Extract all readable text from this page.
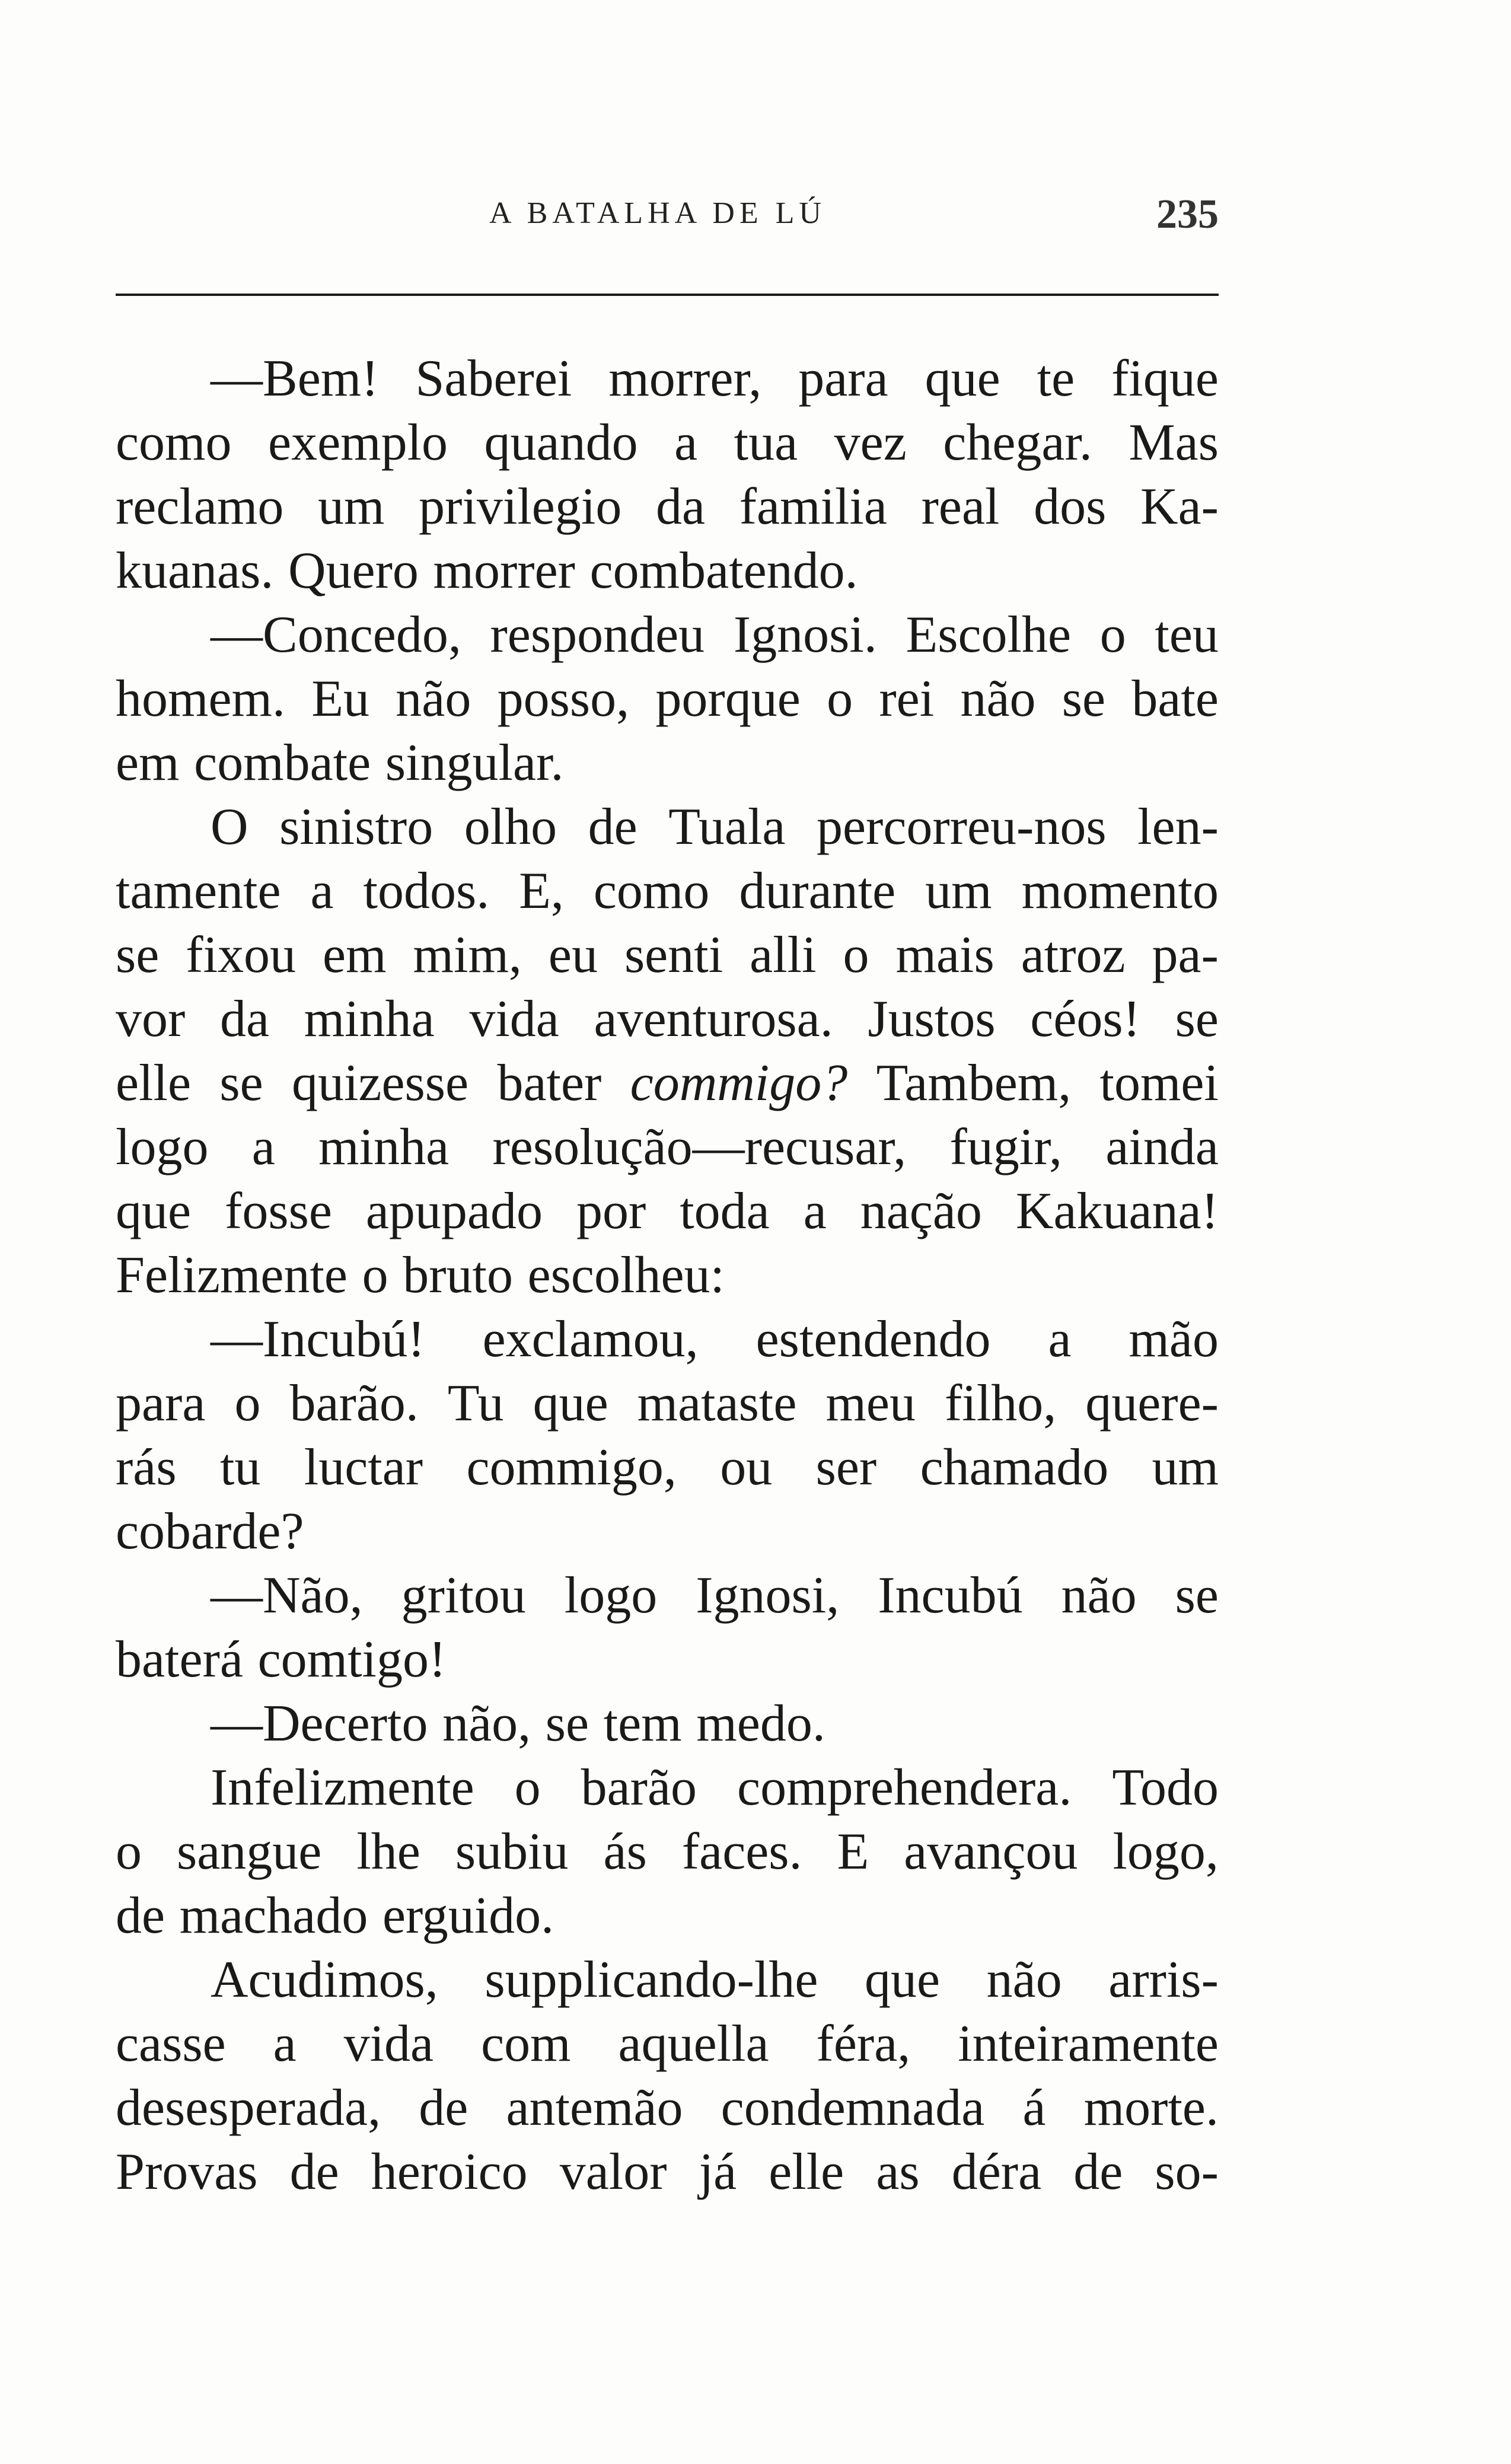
A BATALHA DE LÚ	235
—Bem! Saberei morrer, para que te fique
como exemplo quando a tua vez chegar. Mas
reclamo um privilegio da familia real dos Ka-
kuanas. Quero morrer combatendo.
—Concedo, respondeu Ignosi. Escolhe o teu
homem. Eu não posso, porque o rei não se bate
em combate singular.
O sinistro olho de Tuala percorreu-nos len-
tamente a todos. E, como durante um momento
se fixou em mim, eu senti alli o mais atroz pa-
vor da minha vida aventurosa. Justos céos! se
elle se quizesse bater commigo? Tambem, tomei
logo a minha resolução—recusar, fugir, ainda
que fosse apupado por toda a nação Kakuana!
Felizmente o bruto escolheu:
—Incubú! exclamou, estendendo a mão
para o barão. Tu que mataste meu filho, quere-
rás tu luctar commigo, ou ser chamado um
cobarde?
—Não, gritou logo Ignosi, Incubú não se
baterá comtigo!
—Decerto não, se tem medo.
Infelizmente o barão comprehendera. Todo
o sangue lhe subiu ás faces. E avançou logo,
de machado erguido.
Acudimos, supplicando-lhe que não arris-
casse a vida com aquella féra, inteiramente
desesperada, de antemão condemnada á morte.
Provas de heroico valor já elle as déra de so-
